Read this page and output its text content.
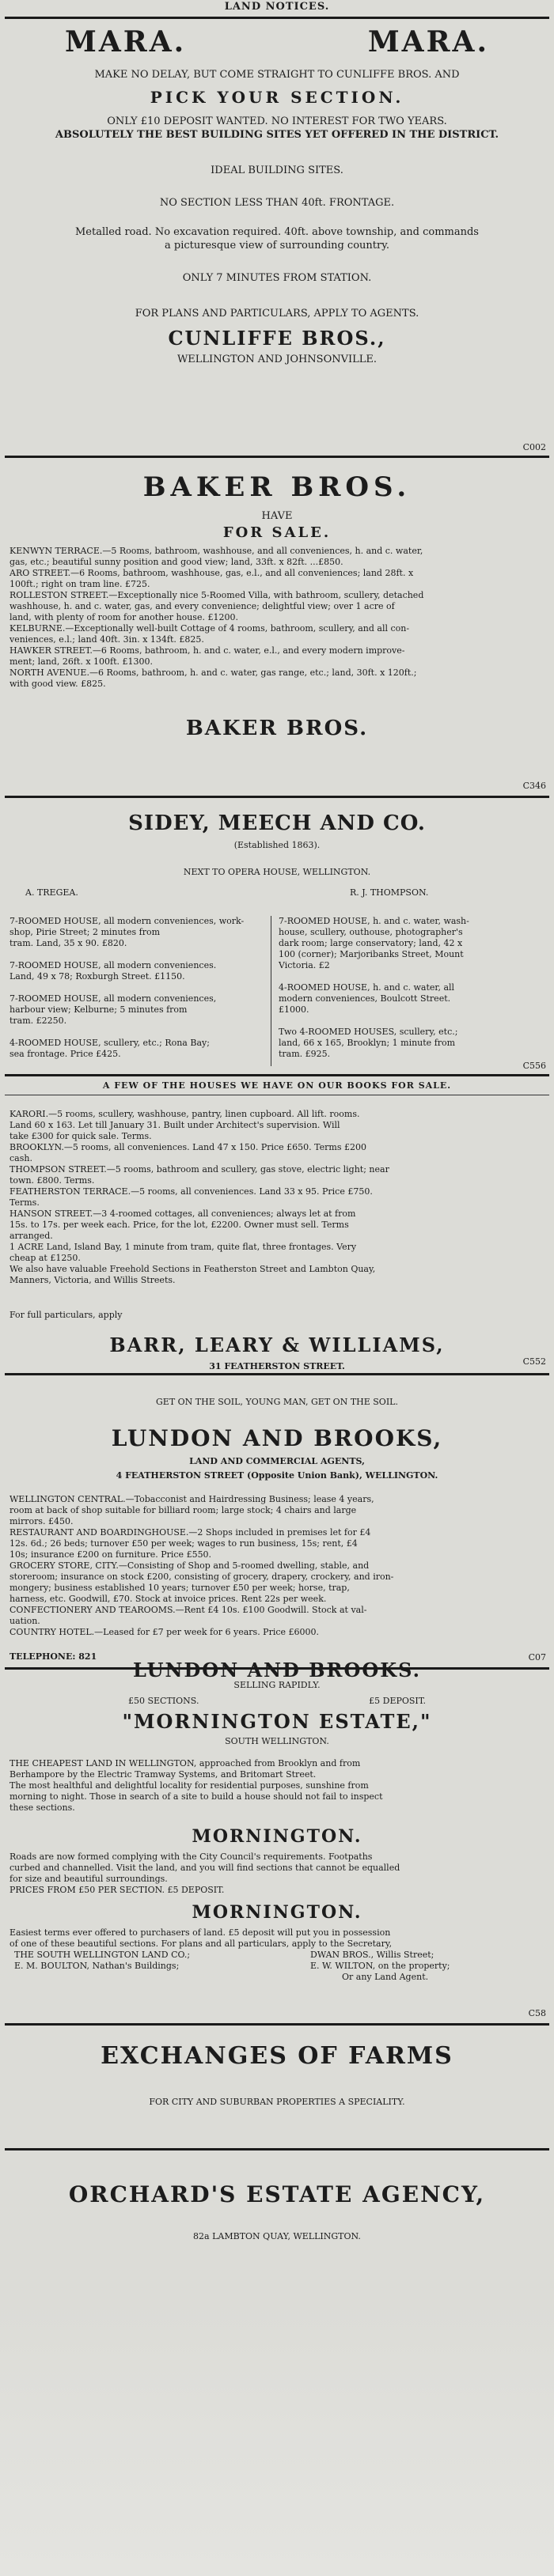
LAND NOTICES.
MARA.	MARA.
MAKE NO DELAY, BUT COME STRAIGHT TO CUNLIFFE BROS. AND
PICK YOUR SECTION.
ONLY £10 DEPOSIT WANTED. NO INTEREST FOR TWO YEARS.
ABSOLUTELY THE BEST BUILDING SITES YET OFFERED IN THE DISTRICT.
IDEAL BUILDING SITES.
NO SECTION LESS THAN 40ft. FRONTAGE.
Metalled road. No excavation required. 40ft. above township, and commands
a picturesque view of surrounding country.
ONLY 7 MINUTES FROM STATION.
FOR PLANS AND PARTICULARS, APPLY TO AGENTS.
CUNLIFFE BROS.,
WELLINGTON AND JOHNSONVILLE.
C002
BAKER BROS.
HAVE
FOR SALE.
KENWYN TERRACE.—5 Rooms, bathroom, washhouse, and all conveniences, h. and c. water,
gas, etc.; beautiful sunny position and good view; land, 33ft. x 82ft. ...£850.
ARO STREET.—6 Rooms, bathroom, washhouse, gas, e.l., and all conveniences; land 28ft. x
100ft.; right on tram line. £725.
ROLLESTON STREET.—Exceptionally nice 5-Roomed Villa, with bathroom, scullery, detached
washhouse, h. and c. water, gas, and every convenience; delightful view; over 1 acre of
land, with plenty of room for another house. £1200.
KELBURNE.—Exceptionally well-built Cottage of 4 rooms, bathroom, scullery, and all con-
veniences, e.l.; land 40ft. 3in. x 134ft. £825.
HAWKER STREET.—6 Rooms, bathroom, h. and c. water, e.l., and every modern improve-
ment; land, 26ft. x 100ft. £1300.
NORTH AVENUE.—6 Rooms, bathroom, h. and c. water, gas range, etc.; land, 30ft. x 120ft.;
with good view. £825.
BAKER BROS.
C346
SIDEY, MEECH AND CO.
(Established 1863).
NEXT TO OPERA HOUSE, WELLINGTON.
A. TREGEA.	R. J. THOMPSON.
7-ROOMED HOUSE, all modern conveniences, work-
shop, Pirie Street; 2 minutes from
tram. Land, 35 x 90. £820.

7-ROOMED HOUSE, all modern conveniences.
Land, 49 x 78; Roxburgh Street. £1150.

7-ROOMED HOUSE, all modern conveniences,
harbour view; Kelburne; 5 minutes from
tram. £2250.

4-ROOMED HOUSE, scullery, etc.; Rona Bay;
sea frontage. Price £425.
7-ROOMED HOUSE, h. and c. water, wash-
house, scullery, outhouse, photographer's
dark room; large conservatory; land, 42 x
100 (corner); Marjoribanks Street, Mount
Victoria. £2

4-ROOMED HOUSE, h. and c. water, all
modern conveniences, Boulcott Street.
£1000.

Two 4-ROOMED HOUSES, scullery, etc.;
land, 66 x 165, Brooklyn; 1 minute from
tram. £925.
C556
A FEW OF THE HOUSES WE HAVE ON OUR BOOKS FOR SALE.
KARORI.—5 rooms, scullery, washhouse, pantry, linen cupboard. All lift. rooms.
Land 60 x 163. Let till January 31. Built under Architect's supervision. Will
take £300 for quick sale. Terms.
BROOKLYN.—5 rooms, all conveniences. Land 47 x 150. Price £650. Terms £200
cash.
THOMPSON STREET.—5 rooms, bathroom and scullery, gas stove, electric light; near
town. £800. Terms.
FEATHERSTON TERRACE.—5 rooms, all conveniences. Land 33 x 95. Price £750.
Terms.
HANSON STREET.—3 4-roomed cottages, all conveniences; always let at from
15s. to 17s. per week each. Price, for the lot, £2200. Owner must sell. Terms
arranged.
1 ACRE Land, Island Bay, 1 minute from tram, quite flat, three frontages. Very
cheap at £1250.
We also have valuable Freehold Sections in Featherston Street and Lambton Quay,
Manners, Victoria, and Willis Streets.
For full particulars, apply
BARR, LEARY & WILLIAMS,
31 FEATHERSTON STREET.	C552
GET ON THE SOIL, YOUNG MAN, GET ON THE SOIL.
LUNDON AND BROOKS,
LAND AND COMMERCIAL AGENTS,
4 FEATHERSTON STREET (Opposite Union Bank), WELLINGTON.
WELLINGTON CENTRAL.—Tobacconist and Hairdressing Business; lease 4 years,
room at back of shop suitable for billiard room; large stock; 4 chairs and large
mirrors. £450.
RESTAURANT AND BOARDINGHOUSE.—2 Shops included in premises let for £4
12s. 6d.; 26 beds; turnover £50 per week; wages to run business, 15s; rent, £4
10s; insurance £200 on furniture. Price £550.
GROCERY STORE, CITY.—Consisting of Shop and 5-roomed dwelling, stable, and
storeroom; insurance on stock £200, consisting of grocery, drapery, crockery, and iron-
mongery; business established 10 years; turnover £50 per week; horse, trap,
harness, etc. Goodwill, £70. Stock at invoice prices. Rent 22s per week.
CONFECTIONERY AND TEAROOMS.—Rent £4 10s. £100 Goodwill. Stock at val-
uation.
COUNTRY HOTEL.—Leased for £7 per week for 6 years. Price £6000.
LUNDON AND BROOKS.
TELEPHONE: 821	C07
SELLING RAPIDLY.
£50 SECTIONS.	£5 DEPOSIT.
"MORNINGTON ESTATE,"
SOUTH WELLINGTON.
THE CHEAPEST LAND IN WELLINGTON, approached from Brooklyn and from
Berhampore by the Electric Tramway Systems, and Britomart Street.
The most healthful and delightful locality for residential purposes, sunshine from
morning to night. Those in search of a site to build a house should not fail to inspect
these sections.
MORNINGTON.
Roads are now formed complying with the City Council's requirements. Footpaths
curbed and channelled. Visit the land, and you will find sections that cannot be equalled
for size and beautiful surroundings.
PRICES FROM £50 PER SECTION. £5 DEPOSIT.
MORNINGTON.
Easiest terms ever offered to purchasers of land. £5 deposit will put you in possession
of one of these beautiful sections. For plans and all particulars, apply to the Secretary,
THE SOUTH WELLINGTON LAND CO.;	DWAN BROS., Willis Street;
E. M. BOULTON, Nathan's Buildings;	E. W. WILTON, on the property;
Or any Land Agent.
C58
EXCHANGES OF FARMS
FOR CITY AND SUBURBAN PROPERTIES A SPECIALITY.
ORCHARD'S ESTATE AGENCY,
82a LAMBTON QUAY, WELLINGTON.
